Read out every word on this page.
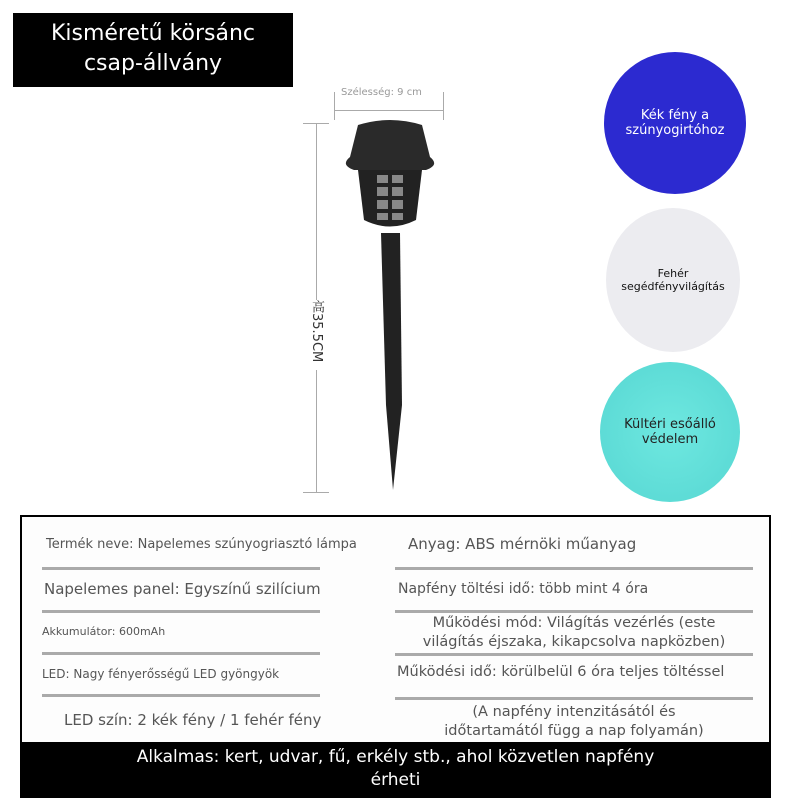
Kisméretű körsánc
csap-állvány
Szélesség: 9 cm
高35.5CM
Kék fény a
szúnyogirtóhoz
Fehér
segédfényvilágítás
Kültéri esőálló
védelem
Termék neve: Napelemes szúnyogriasztó lámpa
Napelemes panel: Egyszínű szilícium
Akkumulátor: 600mAh
LED: Nagy fényerősségű LED gyöngyök
LED szín: 2 kék fény / 1 fehér fény
Anyag: ABS mérnöki műanyag
Napfény töltési idő: több mint 4 óra
Működési mód: Világítás vezérlés (este
világítás éjszaka, kikapcsolva napközben)
Működési idő: körülbelül 6 óra teljes töltéssel
(A napfény intenzitásától és
időtartamától függ a nap folyamán)
Alkalmas: kert, udvar, fű, erkély stb., ahol közvetlen napfény
érheti
